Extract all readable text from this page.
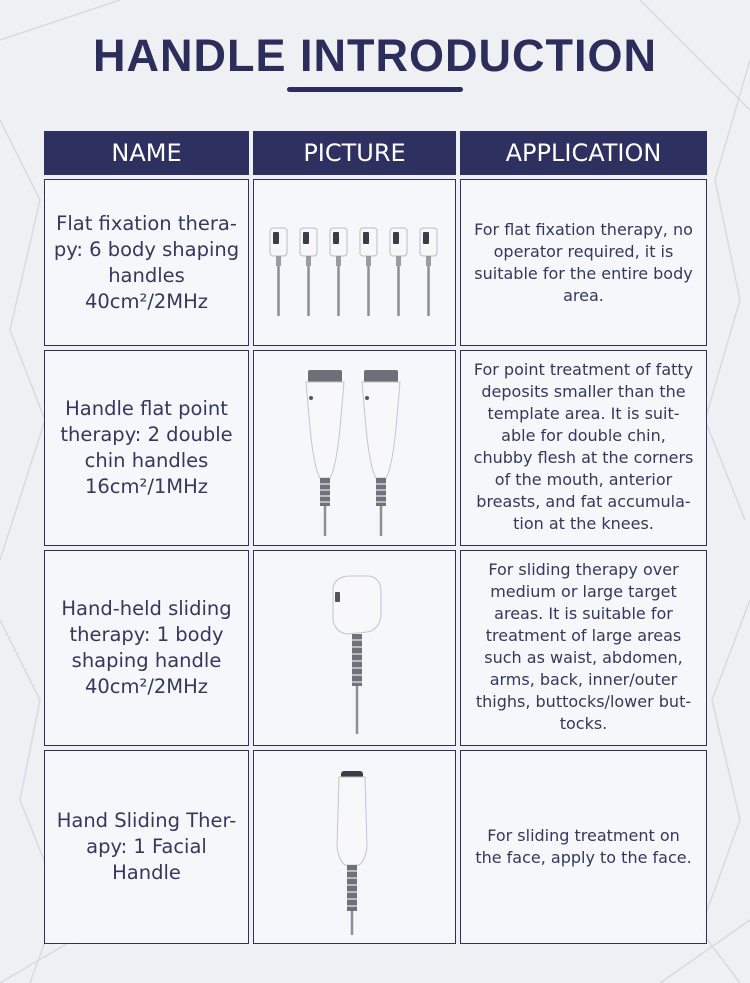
HANDLE INTRODUCTION
NAME	PICTURE	APPLICATION
Flat fixation thera-
py: 6 body shaping
handles
40cm²/2MHz
For flat fixation therapy, no
operator required, it is
suitable for the entire body
area.
Handle flat point
therapy: 2 double
chin handles
16cm²/1MHz
For point treatment of fatty
deposits smaller than the
template area. It is suit-
able for double chin,
chubby flesh at the corners
of the mouth, anterior
breasts, and fat accumula-
tion at the knees.
Hand-held sliding
therapy: 1 body
shaping handle
40cm²/2MHz
For sliding therapy over
medium or large target
areas. It is suitable for
treatment of large areas
such as waist, abdomen,
arms, back, inner/outer
thighs, buttocks/lower but-
tocks.
Hand Sliding Ther-
apy: 1 Facial
Handle
For sliding treatment on
the face, apply to the face.
